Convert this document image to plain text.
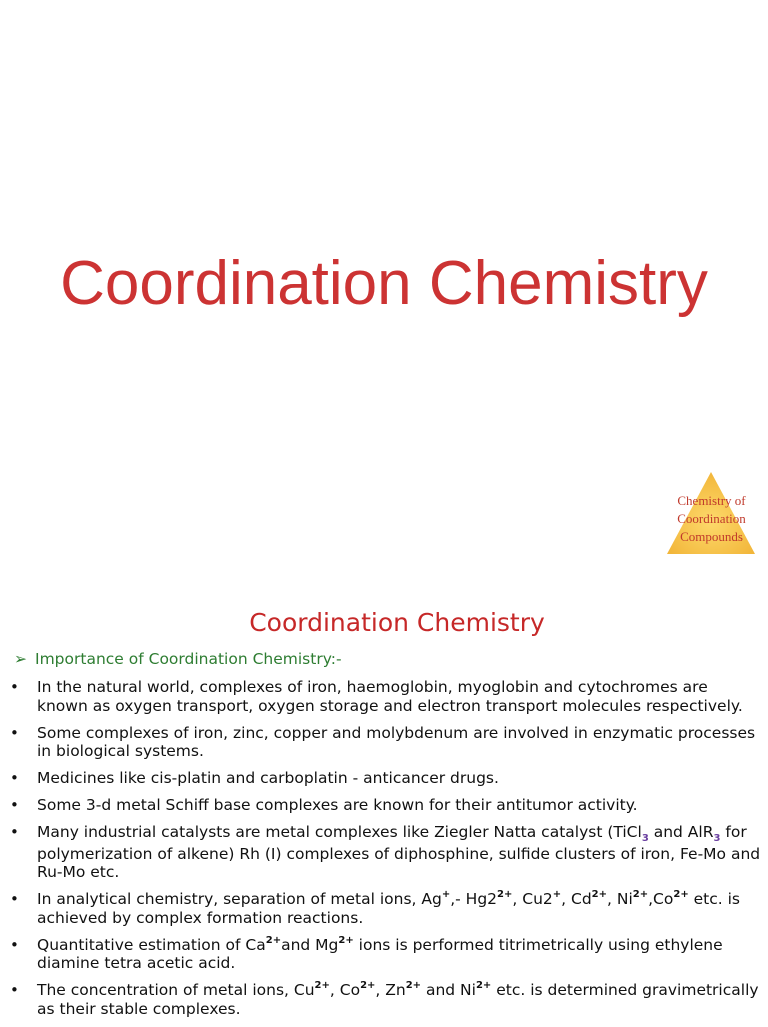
Coordination Chemistry
Chemistry of
Coordination
Compounds
Coordination Chemistry
➢ Importance of Coordination Chemistry:-
• In the natural world, complexes of iron, haemoglobin, myoglobin and cytochromes are known as oxygen transport, oxygen storage and electron transport molecules respectively.
• Some complexes of iron, zinc, copper and molybdenum are involved in enzymatic processes in biological systems.
• Medicines like cis-platin and carboplatin - anticancer drugs.
• Some 3-d metal Schiff base complexes are known for their antitumor activity.
• Many industrial catalysts are metal complexes like Ziegler Natta catalyst (TiCl$_3$ and AlR$_3$ for polymerization of alkene) Rh (I) complexes of diphosphine, sulfide clusters of iron, Fe-Mo and Ru-Mo etc.
• In analytical chemistry, separation of metal ions, Ag+,- $Hg2^{2+}$, Cu2+, $Cd^{2+}$, $Ni^{2+},Co^{2+}$ etc. is achieved by complex formation reactions.
• Quantitative estimation of $Ca^{2+}and$ $Mg^{2+}$ ions is performed titrimetrically using ethylene diamine tetra acetic acid.
• The concentration of metal ions, $Cu^{2+}$, $Co^{2+}$, $Zn^{2+}$ and $Ni^{2+}$ etc. is determined gravimetrically as their stable complexes.
